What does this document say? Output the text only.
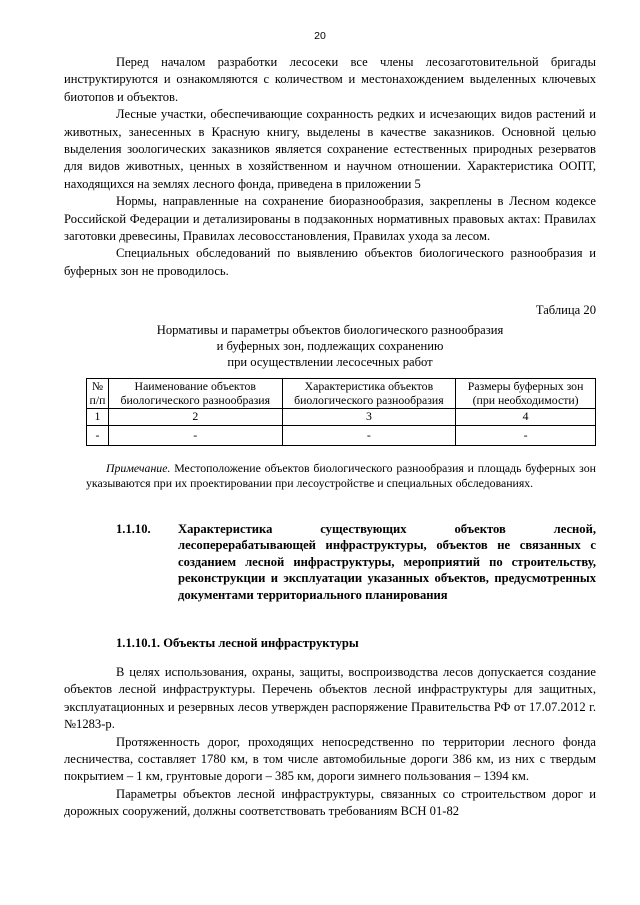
20

Перед началом разработки лесосеки все члены лесозаготовительной бригады инструктируются и ознакомляются с количеством и местонахождением выделенных ключевых биотопов и объектов.

Лесные участки, обеспечивающие сохранность редких и исчезающих видов растений и животных, занесенных в Красную книгу, выделены в качестве заказников. Основной целью выделения зоологических заказников является сохранение естественных природных резерватов для видов животных, ценных в хозяйственном и научном отношении. Характеристика ООПТ, находящихся на землях лесного фонда, приведена в приложении 5

Нормы, направленные на сохранение биоразнообразия, закреплены в Лесном кодексе Российской Федерации и детализированы в подзаконных нормативных правовых актах: Правилах заготовки древесины, Правилах лесовосстановления, Правилах ухода за лесом.

Специальных обследований по выявлению объектов биологического разнообразия и буферных зон не проводилось.

Таблица 20
Нормативы и параметры объектов биологического разнообразия
и буферных зон, подлежащих сохранению
при осуществлении лесосечных работ
№ п/п	Наименование объектов биологического разнообразия	Характеристика объектов биологического разнообразия	Размеры буферных зон (при необходимости)
1	2	3	4
-	-	-	-

Примечание. Местоположение объектов биологического разнообразия и площадь буферных зон указываются при их проектировании при лесоустройстве и специальных обследованиях.

1.1.10. Характеристика существующих объектов лесной, лесоперерабатывающей инфраструктуры, объектов не связанных с созданием лесной инфраструктуры, мероприятий по строительству, реконструкции и эксплуатации указанных объектов, предусмотренных документами территориального планирования
1.1.10.1. Объекты лесной инфраструктуры

В целях использования, охраны, защиты, воспроизводства лесов допускается создание объектов лесной инфраструктуры. Перечень объектов лесной инфраструктуры для защитных, эксплуатационных и резервных лесов утвержден распоряжение Правительства РФ от 17.07.2012 г. №1283-р.

Протяженность дорог, проходящих непосредственно по территории лесного фонда лесничества, составляет 1780 км, в том числе автомобильные дороги 386 км, из них с твердым покрытием – 1 км, грунтовые дороги – 385 км, дороги зимнего пользования – 1394 км.

Параметры объектов лесной инфраструктуры, связанных со строительством дорог и дорожных сооружений, должны соответствовать требованиям ВСН 01-82
